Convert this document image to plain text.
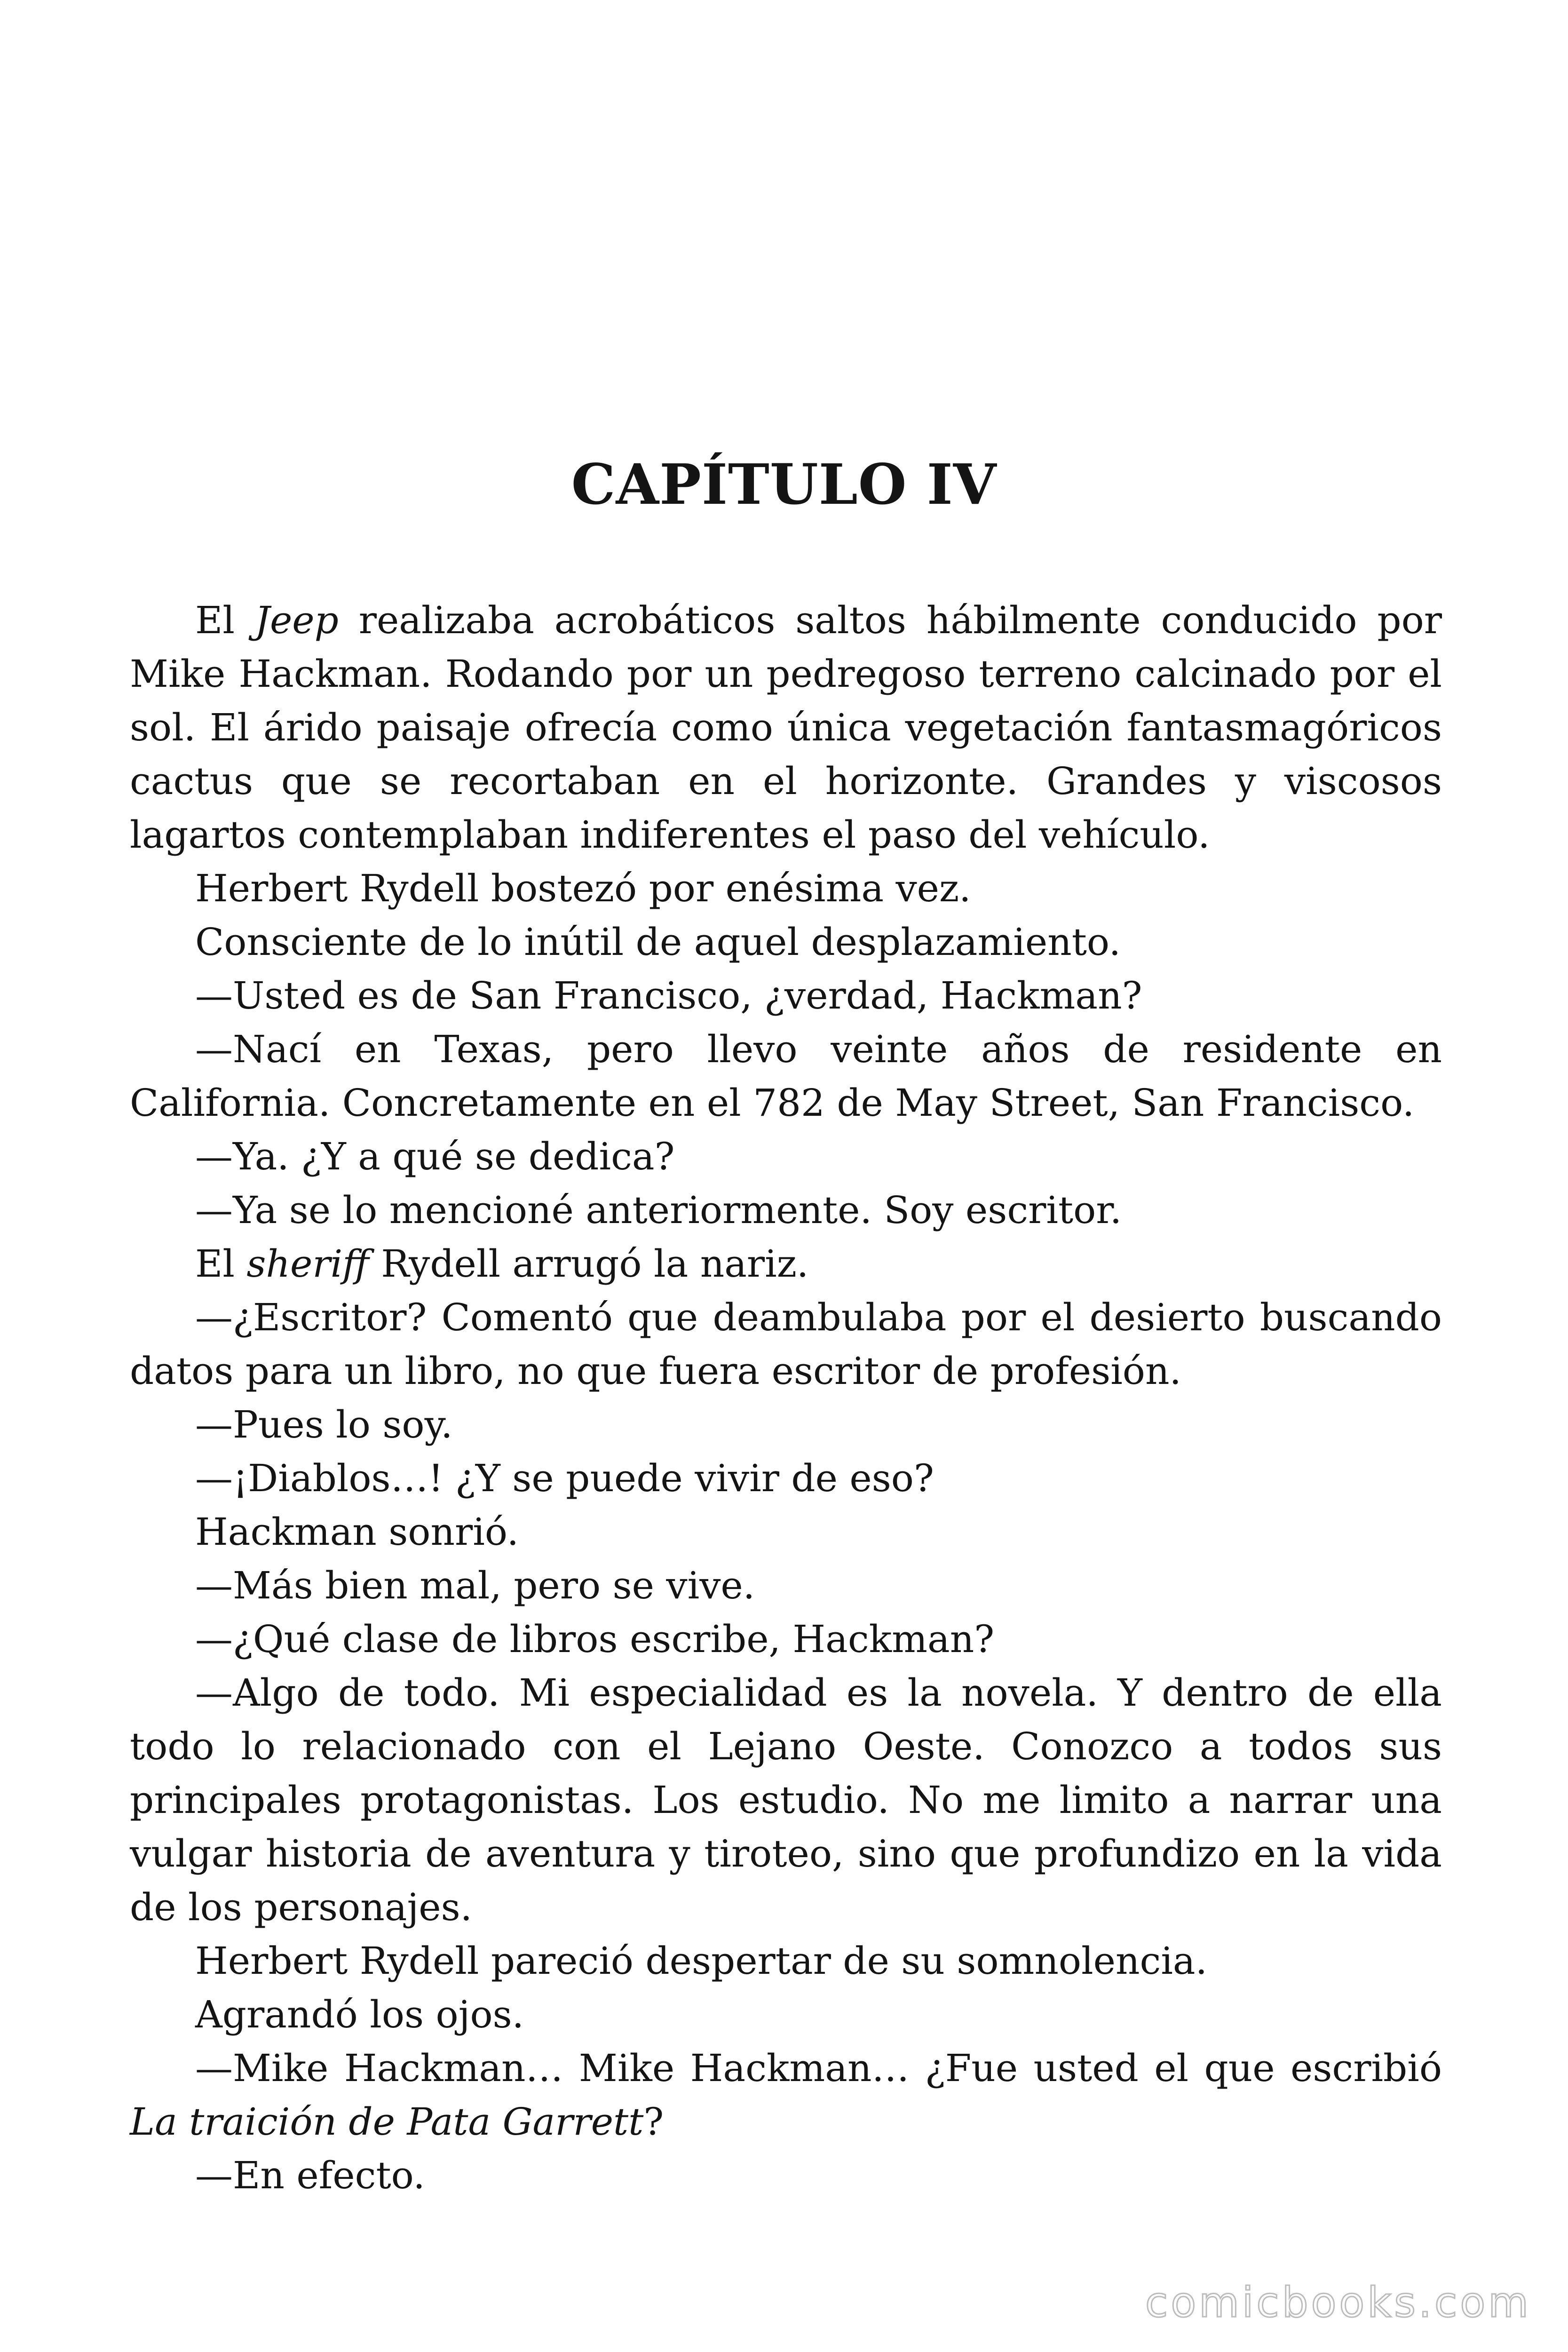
CAPÍTULO IV

El Jeep realizaba acrobáticos saltos hábilmente conducido por Mike Hackman. Rodando por un pedregoso terreno calcinado por el sol. El árido paisaje ofrecía como única vegetación fantasmagóricos cactus que se recortaban en el horizonte. Grandes y viscosos lagartos contemplaban indiferentes el paso del vehículo.

Herbert Rydell bostezó por enésima vez.

Consciente de lo inútil de aquel desplazamiento.

—Usted es de San Francisco, ¿verdad, Hackman?

—Nací en Texas, pero llevo veinte años de residente en California. Concretamente en el 782 de May Street, San Francisco.

—Ya. ¿Y a qué se dedica?

—Ya se lo mencioné anteriormente. Soy escritor.

El sheriff Rydell arrugó la nariz.

—¿Escritor? Comentó que deambulaba por el desierto buscando datos para un libro, no que fuera escritor de profesión.

—Pues lo soy.

—¡Diablos…! ¿Y se puede vivir de eso?

Hackman sonrió.

—Más bien mal, pero se vive.

—¿Qué clase de libros escribe, Hackman?

—Algo de todo. Mi especialidad es la novela. Y dentro de ella todo lo relacionado con el Lejano Oeste. Conozco a todos sus principales protagonistas. Los estudio. No me limito a narrar una vulgar historia de aventura y tiroteo, sino que profundizo en la vida de los personajes.

Herbert Rydell pareció despertar de su somnolencia.

Agrandó los ojos.

—Mike Hackman… Mike Hackman… ¿Fue usted el que escribió La traición de Pata Garrett?

—En efecto.

comicbooks.com
